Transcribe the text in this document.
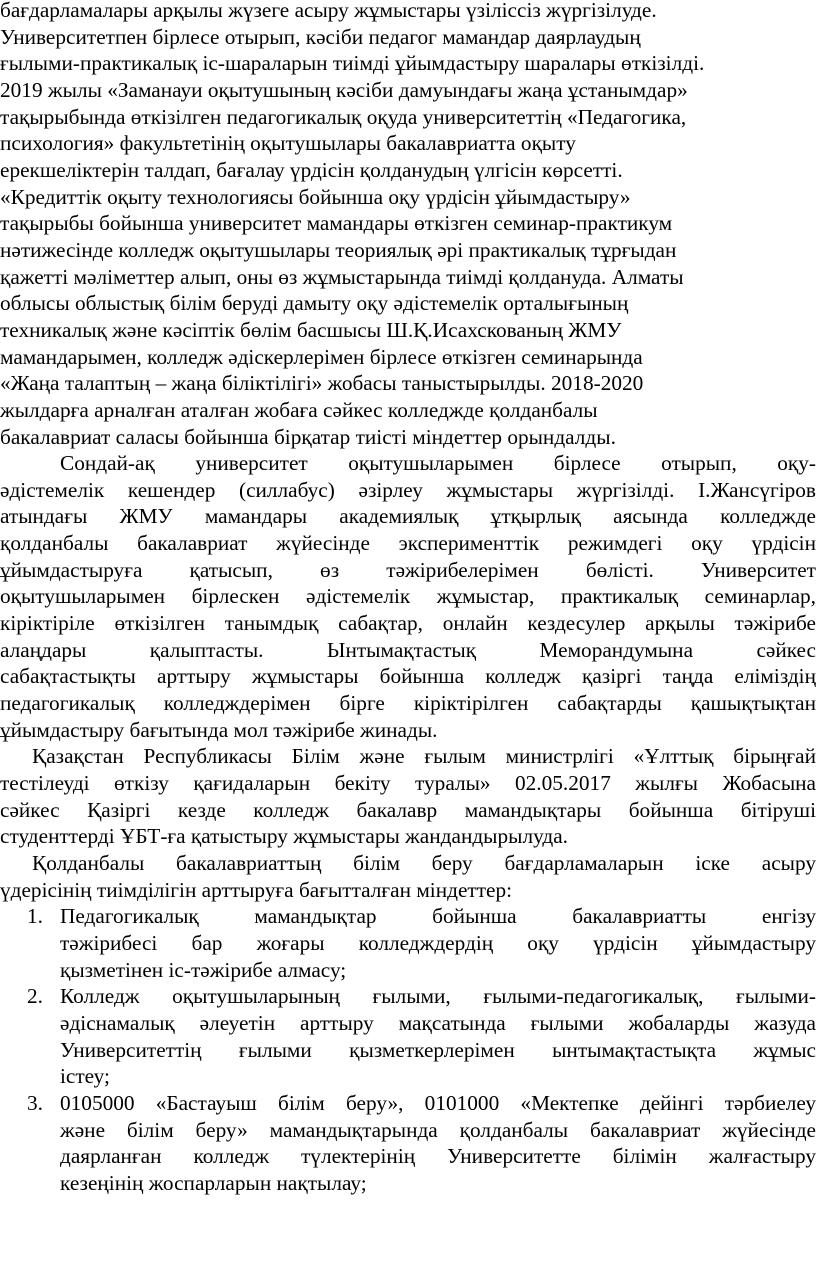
бағдарламалары арқылы жүзеге асыру жұмыстары үзіліссіз жүргізілуде.
Университетпен бірлесе отырып, кәсіби педагог мамандар даярлаудың
ғылыми-практикалық іс-шараларын тиімді ұйымдастыру шаралары өткізілді.
2019 жылы «Заманауи оқытушының кәсіби дамуындағы жаңа ұстанымдар»
тақырыбында өткізілген педагогикалық оқуда университеттің «Педагогика,
психология» факультетінің оқытушылары бакалавриатта оқыту
ерекшеліктерін талдап, бағалау үрдісін қолданудың үлгісін көрсетті.
«Кредиттік оқыту технологиясы бойынша оқу үрдісін ұйымдастыру»
тақырыбы бойынша университет мамандары өткізген семинар-практикум
нәтижесінде колледж оқытушылары теориялық әрі практикалық тұрғыдан
қажетті мәліметтер алып, оны өз жұмыстарында тиімді қолдануда. Алматы
облысы облыстық білім беруді дамыту оқу әдістемелік орталығының
техникалық және кәсіптік бөлім басшысы Ш.Қ.Исахскованың ЖМУ
мамандарымен, колледж әдіскерлерімен бірлесе өткізген семинарында
«Жаңа талаптың – жаңа біліктілігі» жобасы таныстырылды. 2018-2020
жылдарға арналған аталған жобаға сәйкес колледжде қолданбалы
бакалавриат саласы бойынша бірқатар тиісті міндеттер орындалды.
Сондай-ақ университет оқытушыларымен бірлесе отырып, оқу-
әдістемелік кешендер (силлабус) әзірлеу жұмыстары жүргізілді. І.Жансүгіров
атындағы ЖМУ мамандары академиялық ұтқырлық аясында колледжде
қолданбалы бакалавриат жүйесінде эксперименттік режимдегі оқу үрдісін
ұйымдастыруға қатысып, өз тәжірибелерімен бөлісті. Университет
оқытушыларымен бірлескен әдістемелік жұмыстар, практикалық семинарлар,
кіріктіріле өткізілген танымдық сабақтар, онлайн кездесулер арқылы тәжірибе
алаңдары қалыптасты. Ынтымақтастық Меморандумына сәйкес
сабақтастықты арттыру жұмыстары бойынша колледж қазіргі таңда еліміздің
педагогикалық колледждерімен бірге кіріктірілген сабақтарды қашықтықтан
ұйымдастыру бағытында мол тәжірибе жинады.
Қазақстан Республикасы Білім және ғылым министрлігі «Ұлттық бірыңғай
тестілеуді өткізу қағидаларын бекіту туралы» 02.05.2017 жылғы Жобасына
сәйкес Қазіргі кезде колледж бакалавр мамандықтары бойынша бітіруші
студенттерді ҰБТ-ға қатыстыру жұмыстары жандандырылуда.
Қолданбалы бакалавриаттың білім беру бағдарламаларын іске асыру
үдерісінің тиімділігін арттыруға бағытталған міндеттер:
1. Педагогикалық мамандықтар бойынша бакалавриатты енгізу
тәжірибесі бар жоғары колледждердің оқу үрдісін ұйымдастыру
қызметінен іс-тәжірибе алмасу;
2. Колледж оқытушыларының ғылыми, ғылыми-педагогикалық, ғылыми-
әдіснамалық әлеуетін арттыру мақсатында ғылыми жобаларды жазуда
Университеттің ғылыми қызметкерлерімен ынтымақтастықта жұмыс
істеу;
3. 0105000 «Бастауыш білім беру», 0101000 «Мектепке дейінгі тәрбиелеу
және білім беру» мамандықтарында қолданбалы бакалавриат жүйесінде
даярланған колледж түлектерінің Университетте білімін жалғастыру
кезеңінің жоспарларын нақтылау;
